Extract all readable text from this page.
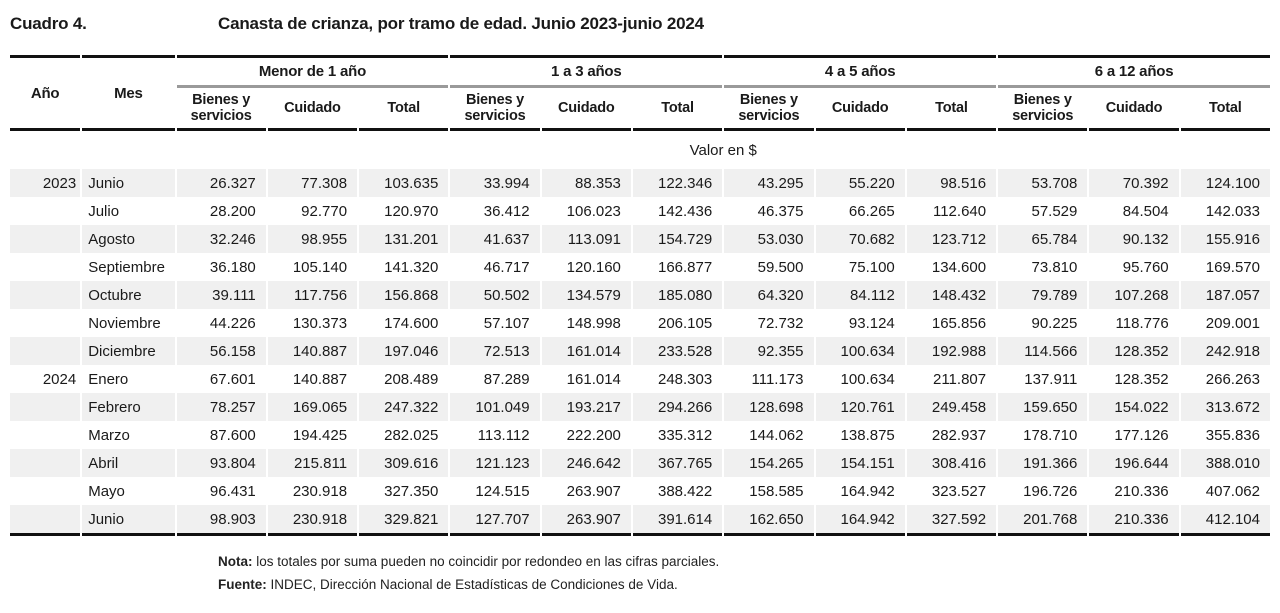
Cuadro 4.	Canasta de crianza, por tramo de edad. Junio 2023-junio 2024
Año	Mes	Menor de 1 año			1 a 3 años			4 a 5 años			6 a 12 años		
		Bienes y servicios	Cuidado	Total	Bienes y servicios	Cuidado	Total	Bienes y servicios	Cuidado	Total	Bienes y servicios	Cuidado	Total
		Valor en $											
2023	Junio	26.327	77.308	103.635	33.994	88.353	122.346	43.295	55.220	98.516	53.708	70.392	124.100
	Julio	28.200	92.770	120.970	36.412	106.023	142.436	46.375	66.265	112.640	57.529	84.504	142.033
	Agosto	32.246	98.955	131.201	41.637	113.091	154.729	53.030	70.682	123.712	65.784	90.132	155.916
	Septiembre	36.180	105.140	141.320	46.717	120.160	166.877	59.500	75.100	134.600	73.810	95.760	169.570
	Octubre	39.111	117.756	156.868	50.502	134.579	185.080	64.320	84.112	148.432	79.789	107.268	187.057
	Noviembre	44.226	130.373	174.600	57.107	148.998	206.105	72.732	93.124	165.856	90.225	118.776	209.001
	Diciembre	56.158	140.887	197.046	72.513	161.014	233.528	92.355	100.634	192.988	114.566	128.352	242.918
2024	Enero	67.601	140.887	208.489	87.289	161.014	248.303	111.173	100.634	211.807	137.911	128.352	266.263
	Febrero	78.257	169.065	247.322	101.049	193.217	294.266	128.698	120.761	249.458	159.650	154.022	313.672
	Marzo	87.600	194.425	282.025	113.112	222.200	335.312	144.062	138.875	282.937	178.710	177.126	355.836
	Abril	93.804	215.811	309.616	121.123	246.642	367.765	154.265	154.151	308.416	191.366	196.644	388.010
	Mayo	96.431	230.918	327.350	124.515	263.907	388.422	158.585	164.942	323.527	196.726	210.336	407.062
	Junio	98.903	230.918	329.821	127.707	263.907	391.614	162.650	164.942	327.592	201.768	210.336	412.104

Nota: los totales por suma pueden no coincidir por redondeo en las cifras parciales.

Fuente: INDEC, Dirección Nacional de Estadísticas de Condiciones de Vida.
